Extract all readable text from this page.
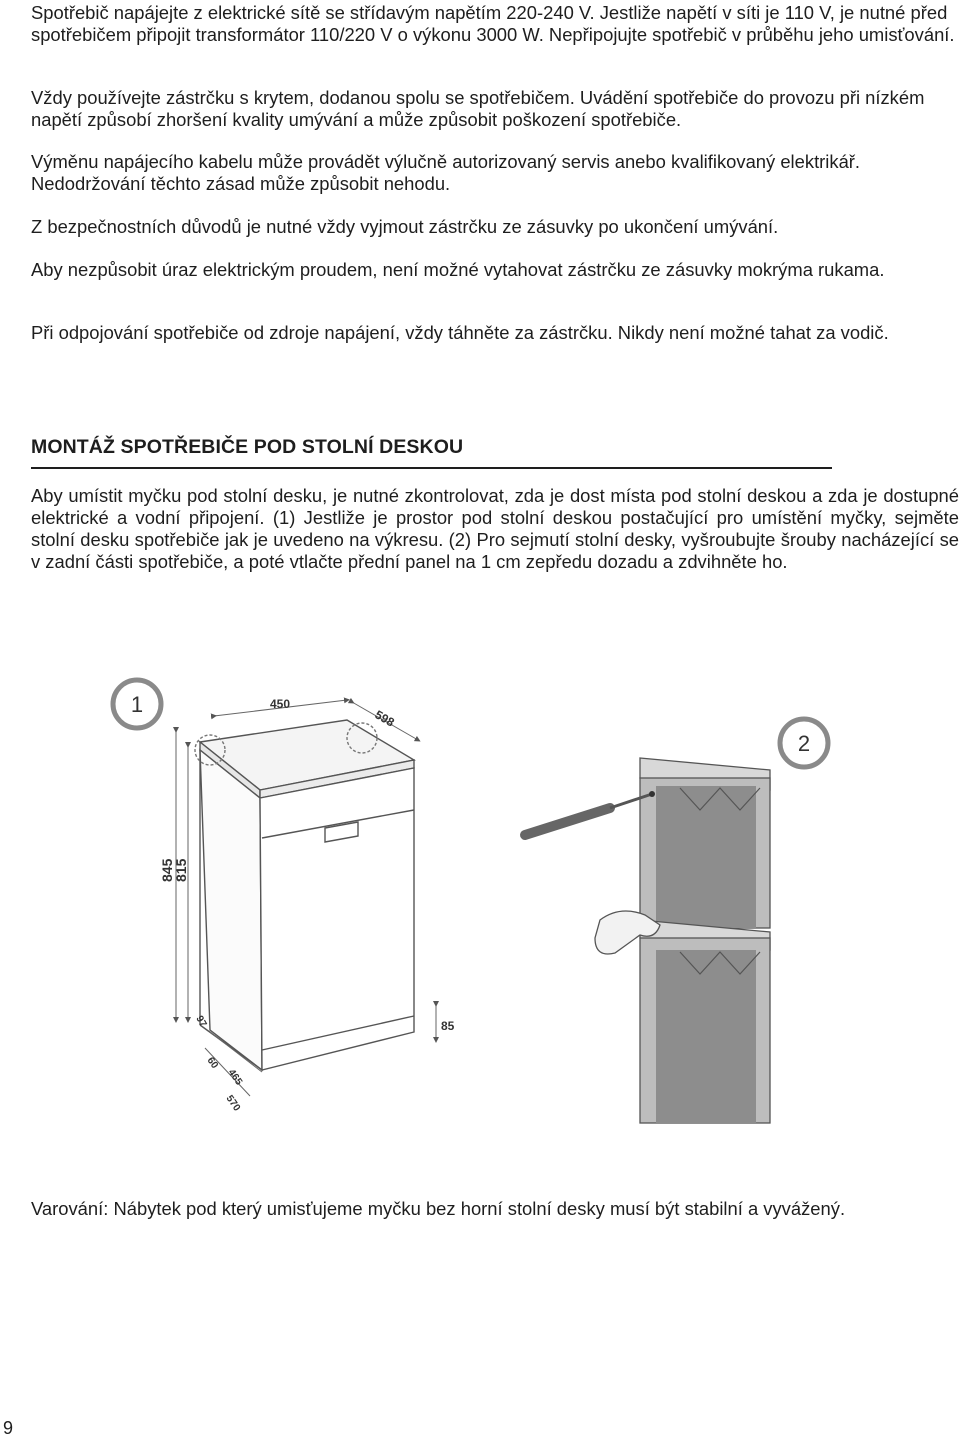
Spotřebič napájejte z elektrické sítě se střídavým napětím 220-240 V. Jestliže napětí v síti je 110 V, je nutné před spotřebičem připojit transformátor 110/220 V o výkonu 3000 W. Nepřipojujte spotřebič v průběhu jeho umisťování.

Vždy používejte zástrčku s krytem, dodanou spolu se spotřebičem. Uvádění spotřebiče do provozu při nízkém napětí způsobí zhoršení kvality umývání a může způsobit poškození spotřebiče.

Výměnu napájecího kabelu může provádět výlučně autorizovaný servis anebo kvalifikovaný elektrikář. Nedodržování těchto zásad může způsobit nehodu.

Z bezpečnostních důvodů je nutné vždy vyjmout zástrčku ze zásuvky po ukončení umývání.

Aby nezpůsobit úraz elektrickým proudem, není možné vytahovat zástrčku ze zásuvky mokrýma rukama.

Při odpojování spotřebiče od zdroje napájení, vždy táhněte za zástrčku. Nikdy není možné tahat za vodič.

MONTÁŽ SPOTŘEBIČE POD STOLNÍ DESKOU

Aby umístit myčku pod stolní desku, je nutné zkontrolovat, zda je dost místa pod stolní deskou a zda je dostupné elektrické a vodní připojení. (1) Jestliže je prostor pod stolní deskou postačující pro umístění myčky, sejměte stolní desku spotřebiče jak je uvedeno na výkresu. (2) Pro sejmutí stolní desky, vyšroubujte šrouby nacházející se v zadní části spotřebiče, a poté vtlačte přední panel na 1 cm zepředu dozadu a zdvihněte ho.

450
598
845
815
85
97
60
465
570
1
2

Varování: Nábytek pod který umisťujeme myčku bez horní stolní desky musí být stabilní a vyvážený.

9
